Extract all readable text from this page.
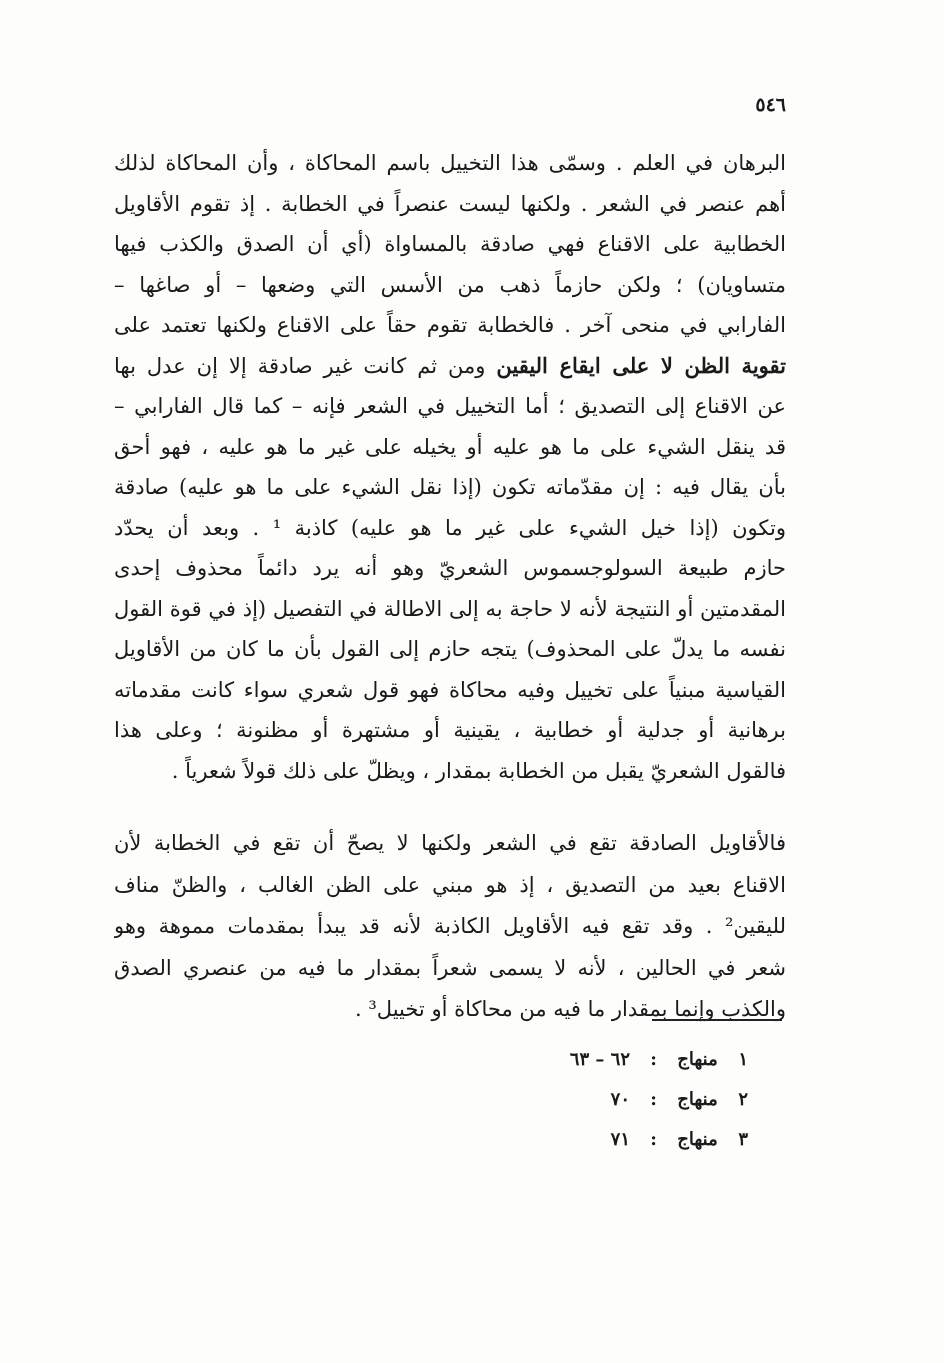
٥٤٦
البرهان في العلم . وسمّى هذا التخييل باسم المحاكاة ، وأن المحاكاة لذلك
أهم عنصر في الشعر . ولكنها ليست عنصراً في الخطابة . إذ تقوم الأقاويل
الخطابية على الاقناع فهي صادقة بالمساواة (أي أن الصدق والكذب فيها
متساويان) ؛ ولكن حازماً ذهب من الأسس التي وضعها – أو صاغها –
الفارابي في منحى آخر . فالخطابة تقوم حقاً على الاقناع ولكنها تعتمد على
تقوية الظن لا على ايقاع اليقين ومن ثم كانت غير صادقة إلا إن عدل بها
عن الاقناع إلى التصديق ؛ أما التخييل في الشعر فإنه – كما قال الفارابي –
قد ينقل الشيء على ما هو عليه أو يخيله على غير ما هو عليه ، فهو أحق
بأن يقال فيه : إن مقدّماته تكون (إذا نقل الشيء على ما هو عليه) صادقة
وتكون (إذا خيل الشيء على غير ما هو عليه) كاذبة ¹ . وبعد أن يحدّد
حازم طبيعة السولوجسموس الشعريّ وهو أنه يرد دائماً محذوف إحدى
المقدمتين أو النتيجة لأنه لا حاجة به إلى الاطالة في التفصيل (إذ في قوة القول
نفسه ما يدلّ على المحذوف) يتجه حازم إلى القول بأن ما كان من الأقاويل
القياسية مبنياً على تخييل وفيه محاكاة فهو قول شعري سواء كانت مقدماته
برهانية أو جدلية أو خطابية ، يقينية أو مشتهرة أو مظنونة ؛ وعلى هذا
فالقول الشعريّ يقبل من الخطابة بمقدار ، ويظلّ على ذلك قولاً شعرياً .
فالأقاويل الصادقة تقع في الشعر ولكنها لا يصحّ أن تقع في الخطابة لأن
الاقناع بعيد من التصديق ، إذ هو مبني على الظن الغالب ، والظنّ مناف
لليقين² . وقد تقع فيه الأقاويل الكاذبة لأنه قد يبدأ بمقدمات مموهة وهو
شعر في الحالين ، لأنه لا يسمى شعراً بمقدار ما فيه من عنصري الصدق
والكذب وإنما بمقدار ما فيه من محاكاة أو تخييل³ .
١ منهاج : ٦٢ – ٦٣
٢ منهاج : ٧٠
٣ منهاج : ٧١
